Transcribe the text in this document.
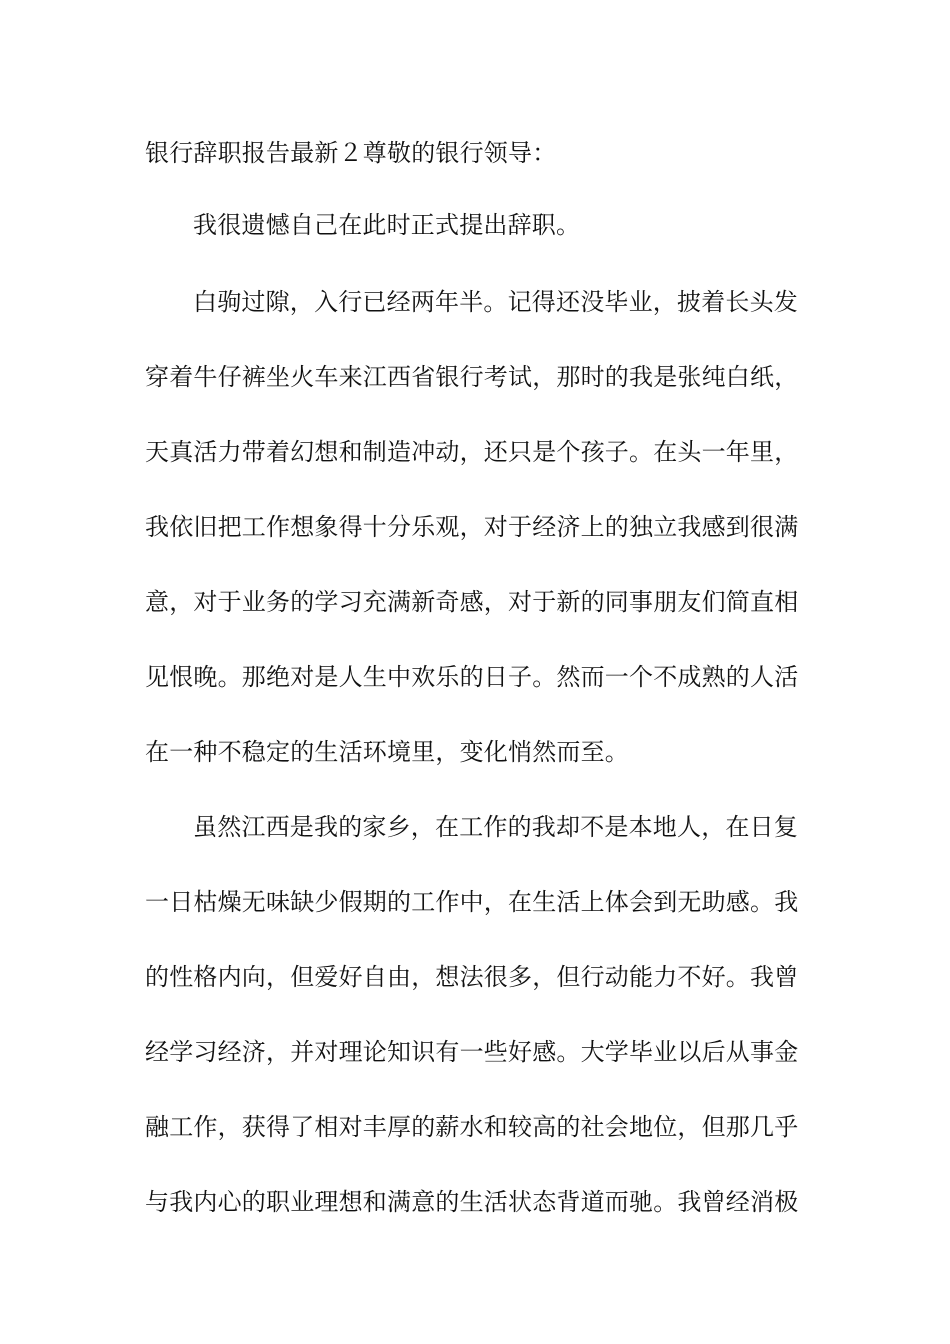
银行辞职报告最新２尊敬的银行领导：
我很遗憾自己在此时正式提出辞职。
白驹过隙，入行已经两年半。记得还没毕业，披着长头发
穿着牛仔裤坐火车来江西省银行考试，那时的我是张纯白纸，
天真活力带着幻想和制造冲动，还只是个孩子。在头一年里，
我依旧把工作想象得十分乐观，对于经济上的独立我感到很满
意，对于业务的学习充满新奇感，对于新的同事朋友们简直相
见恨晚。那绝对是人生中欢乐的日子。然而一个不成熟的人活
在一种不稳定的生活环境里，变化悄然而至。
虽然江西是我的家乡，在工作的我却不是本地人，在日复
一日枯燥无味缺少假期的工作中，在生活上体会到无助感。我
的性格内向，但爱好自由，想法很多，但行动能力不好。我曾
经学习经济，并对理论知识有一些好感。大学毕业以后从事金
融工作，获得了相对丰厚的薪水和较高的社会地位，但那几乎
与我内心的职业理想和满意的生活状态背道而驰。我曾经消极
